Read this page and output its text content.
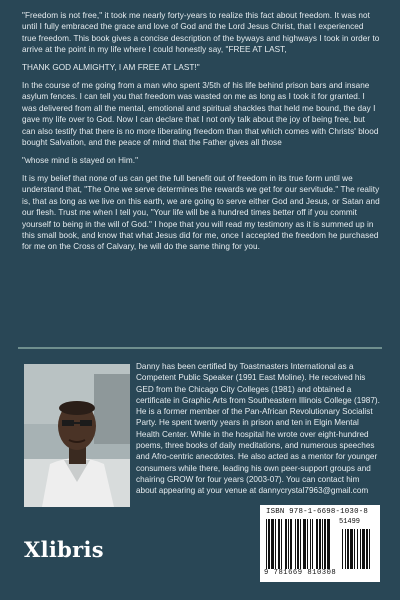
"Freedom is not free," it took me nearly forty-years to realize this fact about freedom. It was not until I fully embraced the grace and love of God and the Lord Jesus Christ, that I experienced true freedom. This book gives a concise description of the byways and highways I took in order to arrive at the point in my life where I could honestly say, "FREE AT LAST,

THANK GOD ALMIGHTY, I AM FREE AT LAST!"

In the course of me going from a man who spent 3/5th of his life behind prison bars and insane asylum fences. I can tell you that freedom was wasted on me as long as I took it for granted. I was delivered from all the mental, emotional and spiritual shackles that held me bound, the day I gave my life over to God. Now I can declare that I not only talk about the joy of being free, but can also testify that there is no more liberating freedom than that which comes with Christs' blood bought Salvation, and the peace of mind that the Father gives all those

"whose mind is stayed on Him."

It is my belief that none of us can get the full benefit out of freedom in its true form until we understand that, "The One we serve determines the rewards we get for our servitude." The reality is, that as long as we live on this earth, we are going to serve either God and Jesus, or Satan and our flesh. Trust me when I tell you, "Your life will be a hundred times better off if you commit yourself to being in the will of God." I hope that you will read my testimony as it is summed up in this small book, and know that what Jesus did for me, once I accepted the freedom he purchased for me on the Cross of Calvary, he will do the same thing for you.

Danny has been certified by Toastmasters International as a Competent Public Speaker (1991 East Moline). He received his GED from the Chicago City Colleges (1981) and obtained a certificate in Graphic Arts from Southeastern Illinois College (1987). He is a former member of the Pan-African Revolutionary Socialist Party. He spent twenty years in prison and ten in Elgin Mental Health Center. While in the hospital he wrote over eight-hundred poems, three books of daily meditations, and numerous speeches and Afro-centric anecdotes. He also acted as a mentor for younger consumers while there, leading his own peer-support groups and chairing GROW for four years (2003-07). You can contact him about appearing at your venue at dannycrystal7963@gmail.com
ISBN 978-1-6698-1030-8
51499
9 781669 810308
Xlibris
